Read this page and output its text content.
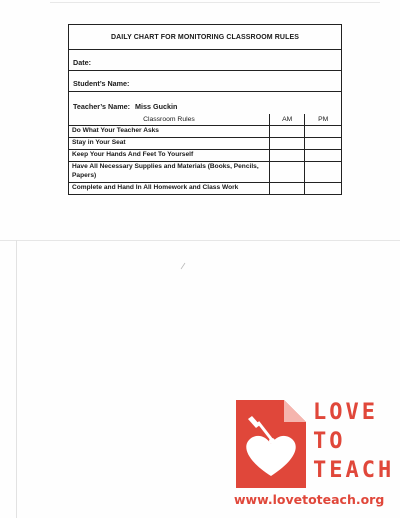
DAILY CHART FOR MONITORING CLASSROOM RULES
Date:
Student’s Name:
Teacher’s Name: Miss Guckin
Classroom Rules	AM	PM
Do What Your Teacher Asks		
Stay in Your Seat		
Keep Your Hands And Feet To Yourself		
Have All Necessary Supplies and Materials (Books, Pencils, Papers)		
Complete and Hand In All Homework and Class Work		
LOVE
TO
TEACH
www.lovetoteach.org
